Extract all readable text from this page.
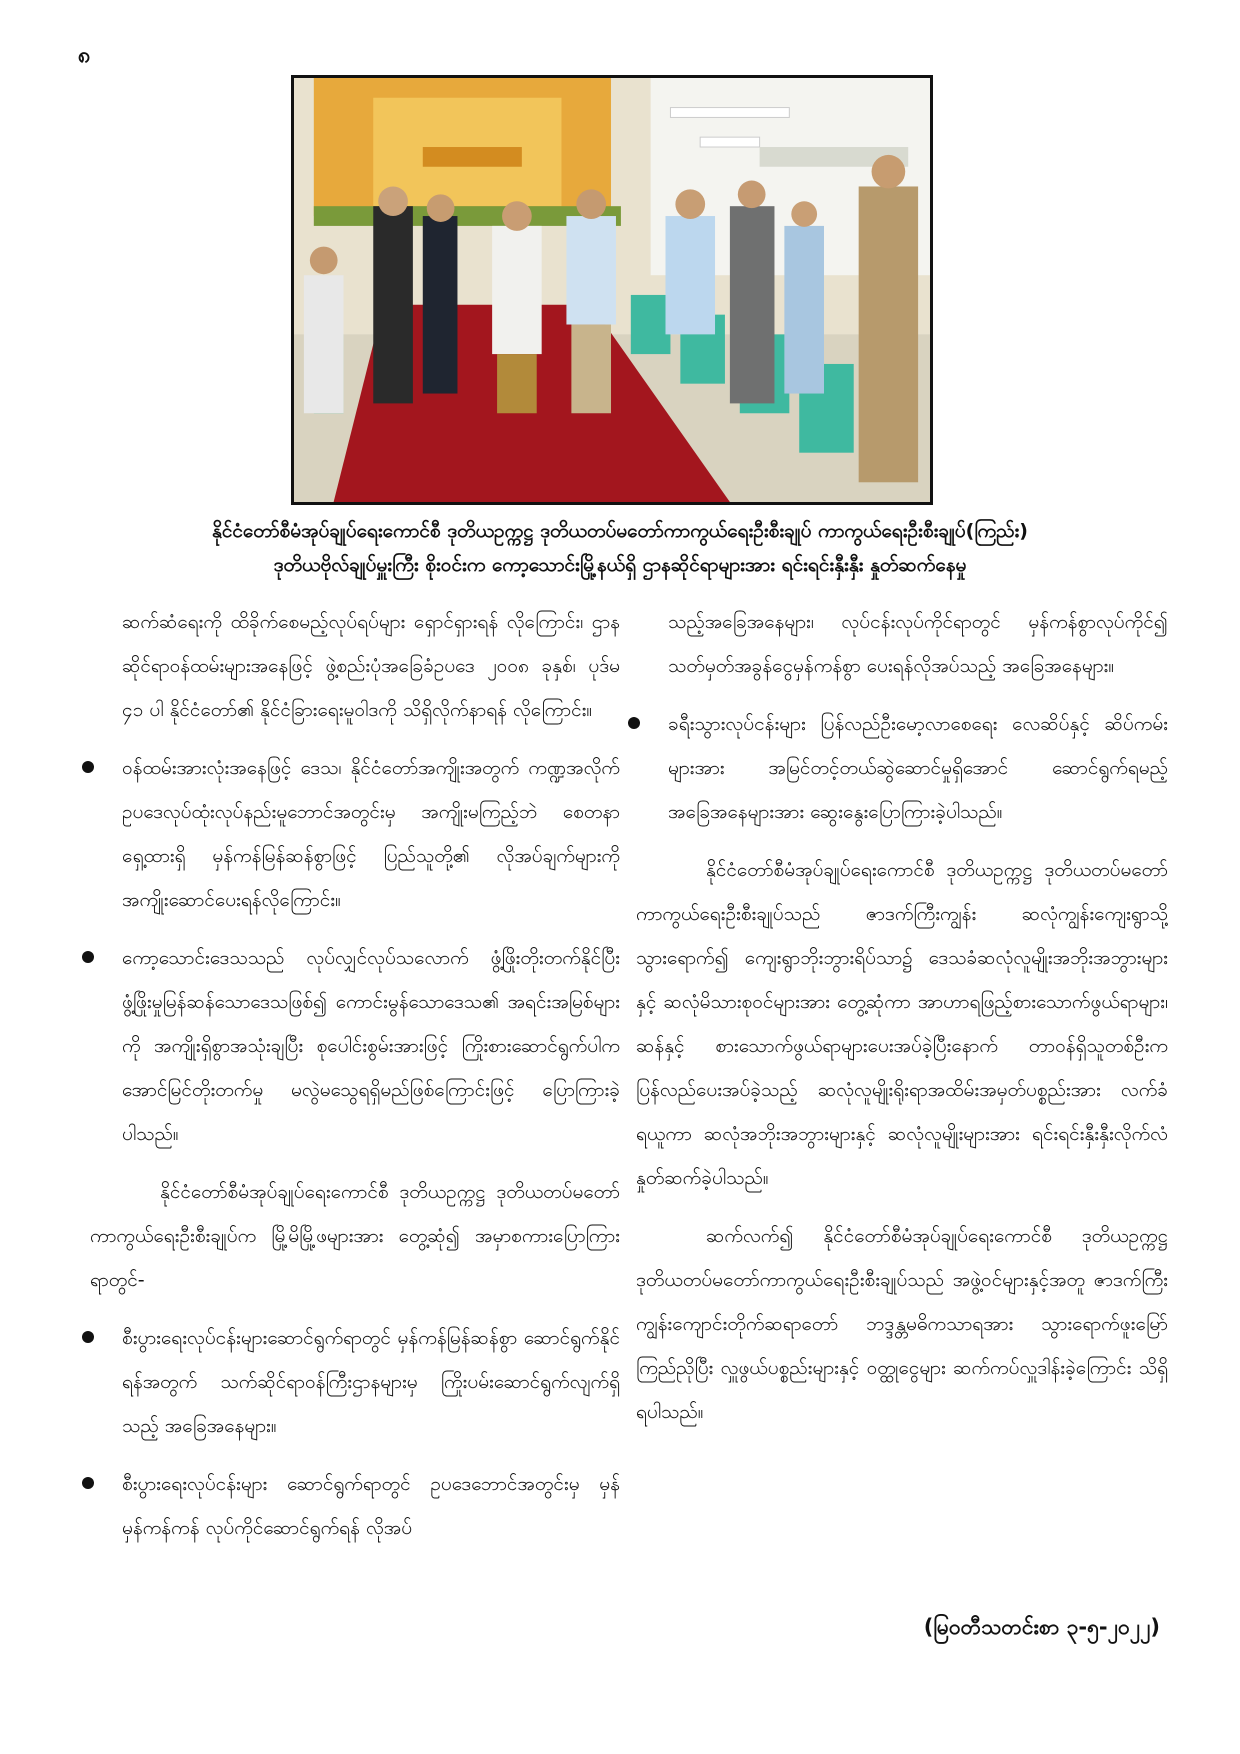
၈
နိုင်ငံတော်စီမံအုပ်ချုပ်ရေးကောင်စီ ဒုတိယဥက္ကဋ္ဌ ဒုတိယတပ်မတော်ကာကွယ်ရေးဦးစီးချုပ် ကာကွယ်ရေးဦးစီးချုပ်(ကြည်း)
ဒုတိယဗိုလ်ချုပ်မှူးကြီး စိုးဝင်းက ကော့သောင်းမြို့နယ်ရှိ ဌာနဆိုင်ရာများအား ရင်းရင်းနှီးနှီး နှုတ်ဆက်နေမှု

ဆက်ဆံရေးကို ထိခိုက်စေမည့်လုပ်ရပ်များ ရှောင်ရှားရန် လိုကြောင်း၊ ဌာနဆိုင်ရာဝန်ထမ်းများအနေဖြင့် ဖွဲ့စည်းပုံအခြေခံဥပဒေ ၂၀၀၈ ခုနှစ်၊ ပုဒ်မ ၄၁ ပါ နိုင်ငံတော်၏ နိုင်ငံခြားရေးမူဝါဒကို သိရှိလိုက်နာရန် လိုကြောင်း။

ဝန်ထမ်းအားလုံးအနေဖြင့် ဒေသ၊ နိုင်ငံတော်အကျိုးအတွက် ကဏ္ဍအလိုက် ဥပဒေလုပ်ထုံးလုပ်နည်းမူဘောင်အတွင်းမှ အကျိုးမကြည့်ဘဲ စေတနာရှေ့ထားရှိ မှန်ကန်မြန်ဆန်စွာဖြင့် ပြည်သူတို့၏ လိုအပ်ချက်များကို အကျိုးဆောင်ပေးရန်လိုကြောင်း။
ကော့သောင်းဒေသသည် လုပ်လျှင်လုပ်သလောက် ဖွံ့ဖြိုးတိုးတက်နိုင်ပြီး ဖွံ့ဖြိုးမှုမြန်ဆန်သောဒေသဖြစ်၍ ကောင်းမွန်သောဒေသ၏ အရင်းအမြစ်များကို အကျိုးရှိစွာအသုံးချပြီး စုပေါင်းစွမ်းအားဖြင့် ကြိုးစားဆောင်ရွက်ပါက အောင်မြင်တိုးတက်မှု မလွဲမသွေရရှိမည်ဖြစ်ကြောင်းဖြင့် ပြောကြားခဲ့ပါသည်။

နိုင်ငံတော်စီမံအုပ်ချုပ်ရေးကောင်စီ ဒုတိယဥက္ကဋ္ဌ ဒုတိယတပ်မတော်ကာကွယ်ရေးဦးစီးချုပ်က မြို့မိမြို့ဖများအား တွေ့ဆုံ၍ အမှာစကားပြောကြားရာတွင်-

စီးပွားရေးလုပ်ငန်းများဆောင်ရွက်ရာတွင် မှန်ကန်မြန်ဆန်စွာ ဆောင်ရွက်နိုင်ရန်အတွက် သက်ဆိုင်ရာဝန်ကြီးဌာနများမှ ကြိုးပမ်းဆောင်ရွက်လျက်ရှိသည့် အခြေအနေများ။
စီးပွားရေးလုပ်ငန်းများ ဆောင်ရွက်ရာတွင် ဥပဒေဘောင်အတွင်းမှ မှန်မှန်ကန်ကန် လုပ်ကိုင်ဆောင်ရွက်ရန် လိုအပ်

သည့်အခြေအနေများ၊ လုပ်ငန်းလုပ်ကိုင်ရာတွင် မှန်ကန်စွာလုပ်ကိုင်၍ သတ်မှတ်အခွန်ငွေမှန်ကန်စွာ ပေးရန်လိုအပ်သည့် အခြေအနေများ။

ခရီးသွားလုပ်ငန်းများ ပြန်လည်ဦးမော့လာစေရေး လေဆိပ်နှင့် ဆိပ်ကမ်းများအား အမြင်တင့်တယ်ဆွဲဆောင်မှုရှိအောင် ဆောင်ရွက်ရမည့်အခြေအနေများအား ဆွေးနွေးပြောကြားခဲ့ပါသည်။

နိုင်ငံတော်စီမံအုပ်ချုပ်ရေးကောင်စီ ဒုတိယဥက္ကဋ္ဌ ဒုတိယတပ်မတော်ကာကွယ်ရေးဦးစီးချုပ်သည် ဇာဒက်ကြီးကျွန်း ဆလုံကျွန်းကျေးရွာသို့ သွားရောက်၍ ကျေးရွာဘိုးဘွားရိပ်သာ၌ ဒေသခံဆလုံလူမျိုးအဘိုးအဘွားများနှင့် ဆလုံမိသားစုဝင်များအား တွေ့ဆုံကာ အာဟာရဖြည့်စားသောက်ဖွယ်ရာများ၊ ဆန်နှင့် စားသောက်ဖွယ်ရာများပေးအပ်ခဲ့ပြီးနောက် တာဝန်ရှိသူတစ်ဦးက ပြန်လည်ပေးအပ်ခဲ့သည့် ဆလုံလူမျိုးရိုးရာအထိမ်းအမှတ်ပစ္စည်းအား လက်ခံရယူကာ ဆလုံအဘိုးအဘွားများနှင့် ဆလုံလူမျိုးများအား ရင်းရင်းနှီးနှီးလိုက်လံ နှုတ်ဆက်ခဲ့ပါသည်။

ဆက်လက်၍ နိုင်ငံတော်စီမံအုပ်ချုပ်ရေးကောင်စီ ဒုတိယဥက္ကဋ္ဌ ဒုတိယတပ်မတော်ကာကွယ်ရေးဦးစီးချုပ်သည် အဖွဲ့ဝင်များနှင့်အတူ ဇာဒက်ကြီးကျွန်းကျောင်းတိုက်ဆရာတော် ဘဒ္ဒန္တမဓိကသာရအား သွားရောက်ဖူးမြော်ကြည်ညိုပြီး လှူဖွယ်ပစ္စည်းများနှင့် ဝတ္ထုငွေများ ဆက်ကပ်လှူဒါန်းခဲ့ကြောင်း သိရှိရပါသည်။

(မြဝတီသတင်းစာ ၃-၅-၂၀၂၂)
